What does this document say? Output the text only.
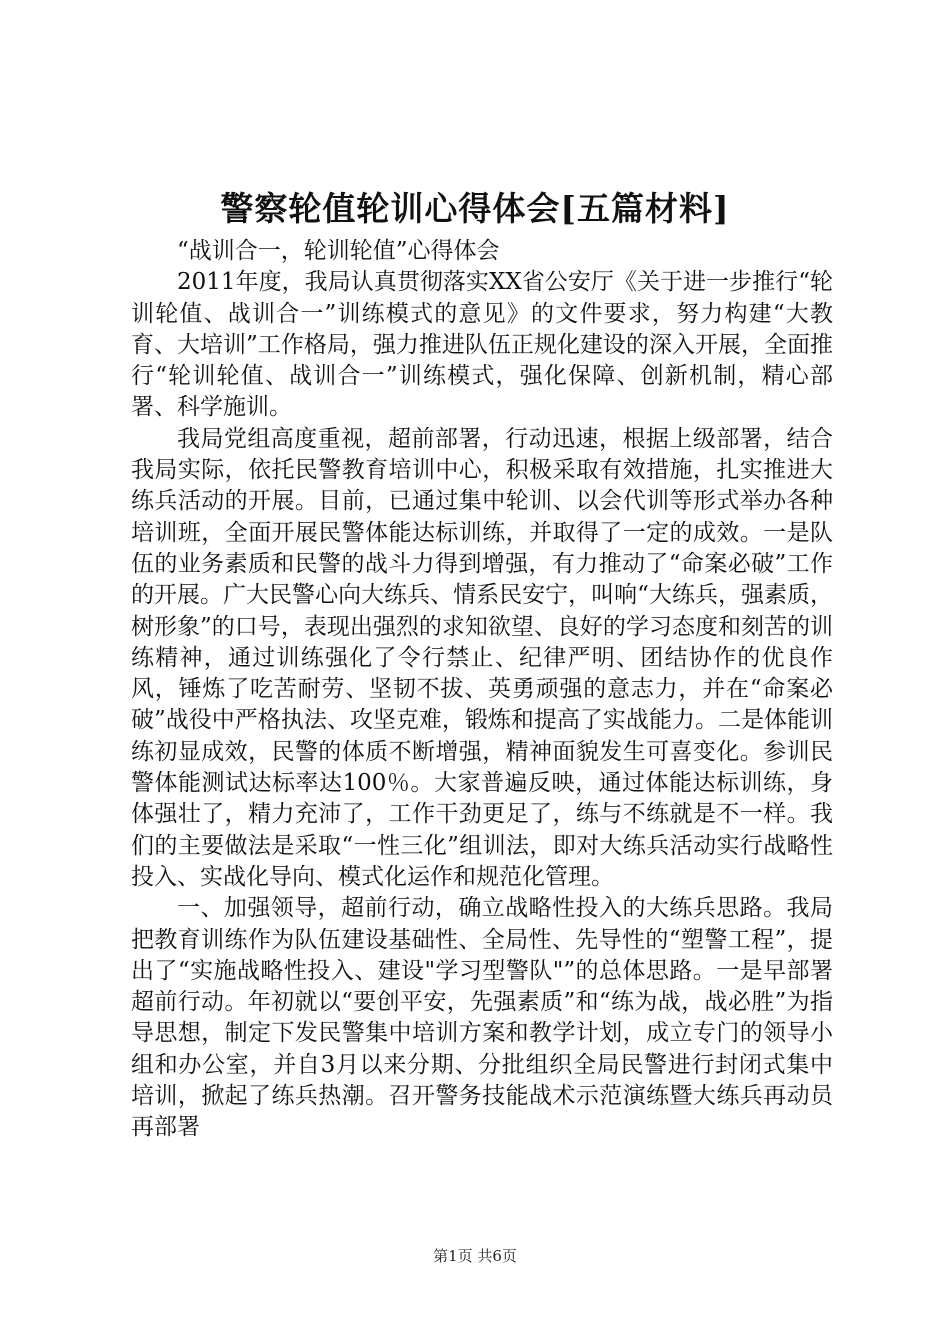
警察轮值轮训心得体会[五篇材料]

“战训合一，轮训轮值”心得体会

2011年度，我局认真贯彻落实XX省公安厅《关于进一步推行“轮训轮值、战训合一”训练模式的意见》的文件要求，努力构建“大教育、大培训”工作格局，强力推进队伍正规化建设的深入开展，全面推行“轮训轮值、战训合一”训练模式，强化保障、创新机制，精心部署、科学施训。

我局党组高度重视，超前部署，行动迅速，根据上级部署，结合我局实际，依托民警教育培训中心，积极采取有效措施，扎实推进大练兵活动的开展。目前，已通过集中轮训、以会代训等形式举办各种培训班，全面开展民警体能达标训练，并取得了一定的成效。一是队伍的业务素质和民警的战斗力得到增强，有力推动了“命案必破”工作的开展。广大民警心向大练兵、情系民安宁，叫响“大练兵，强素质，树形象”的口号，表现出强烈的求知欲望、良好的学习态度和刻苦的训练精神，通过训练强化了令行禁止、纪律严明、团结协作的优良作风，锤炼了吃苦耐劳、坚韧不拔、英勇顽强的意志力，并在“命案必破”战役中严格执法、攻坚克难，锻炼和提高了实战能力。二是体能训练初显成效，民警的体质不断增强，精神面貌发生可喜变化。参训民警体能测试达标率达100％。大家普遍反映，通过体能达标训练，身体强壮了，精力充沛了，工作干劲更足了，练与不练就是不一样。我们的主要做法是采取“一性三化”组训法，即对大练兵活动实行战略性投入、实战化导向、模式化运作和规范化管理。

一、加强领导，超前行动，确立战略性投入的大练兵思路。我局把教育训练作为队伍建设基础性、全局性、先导性的“塑警工程”，提出了“实施战略性投入、建设"学习型警队"”的总体思路。一是早部署超前行动。年初就以“要创平安，先强素质”和“练为战，战必胜”为指导思想，制定下发民警集中培训方案和教学计划，成立专门的领导小组和办公室，并自3月以来分期、分批组织全局民警进行封闭式集中培训，掀起了练兵热潮。召开警务技能战术示范演练暨大练兵再动员再部署

第1页 共6页
